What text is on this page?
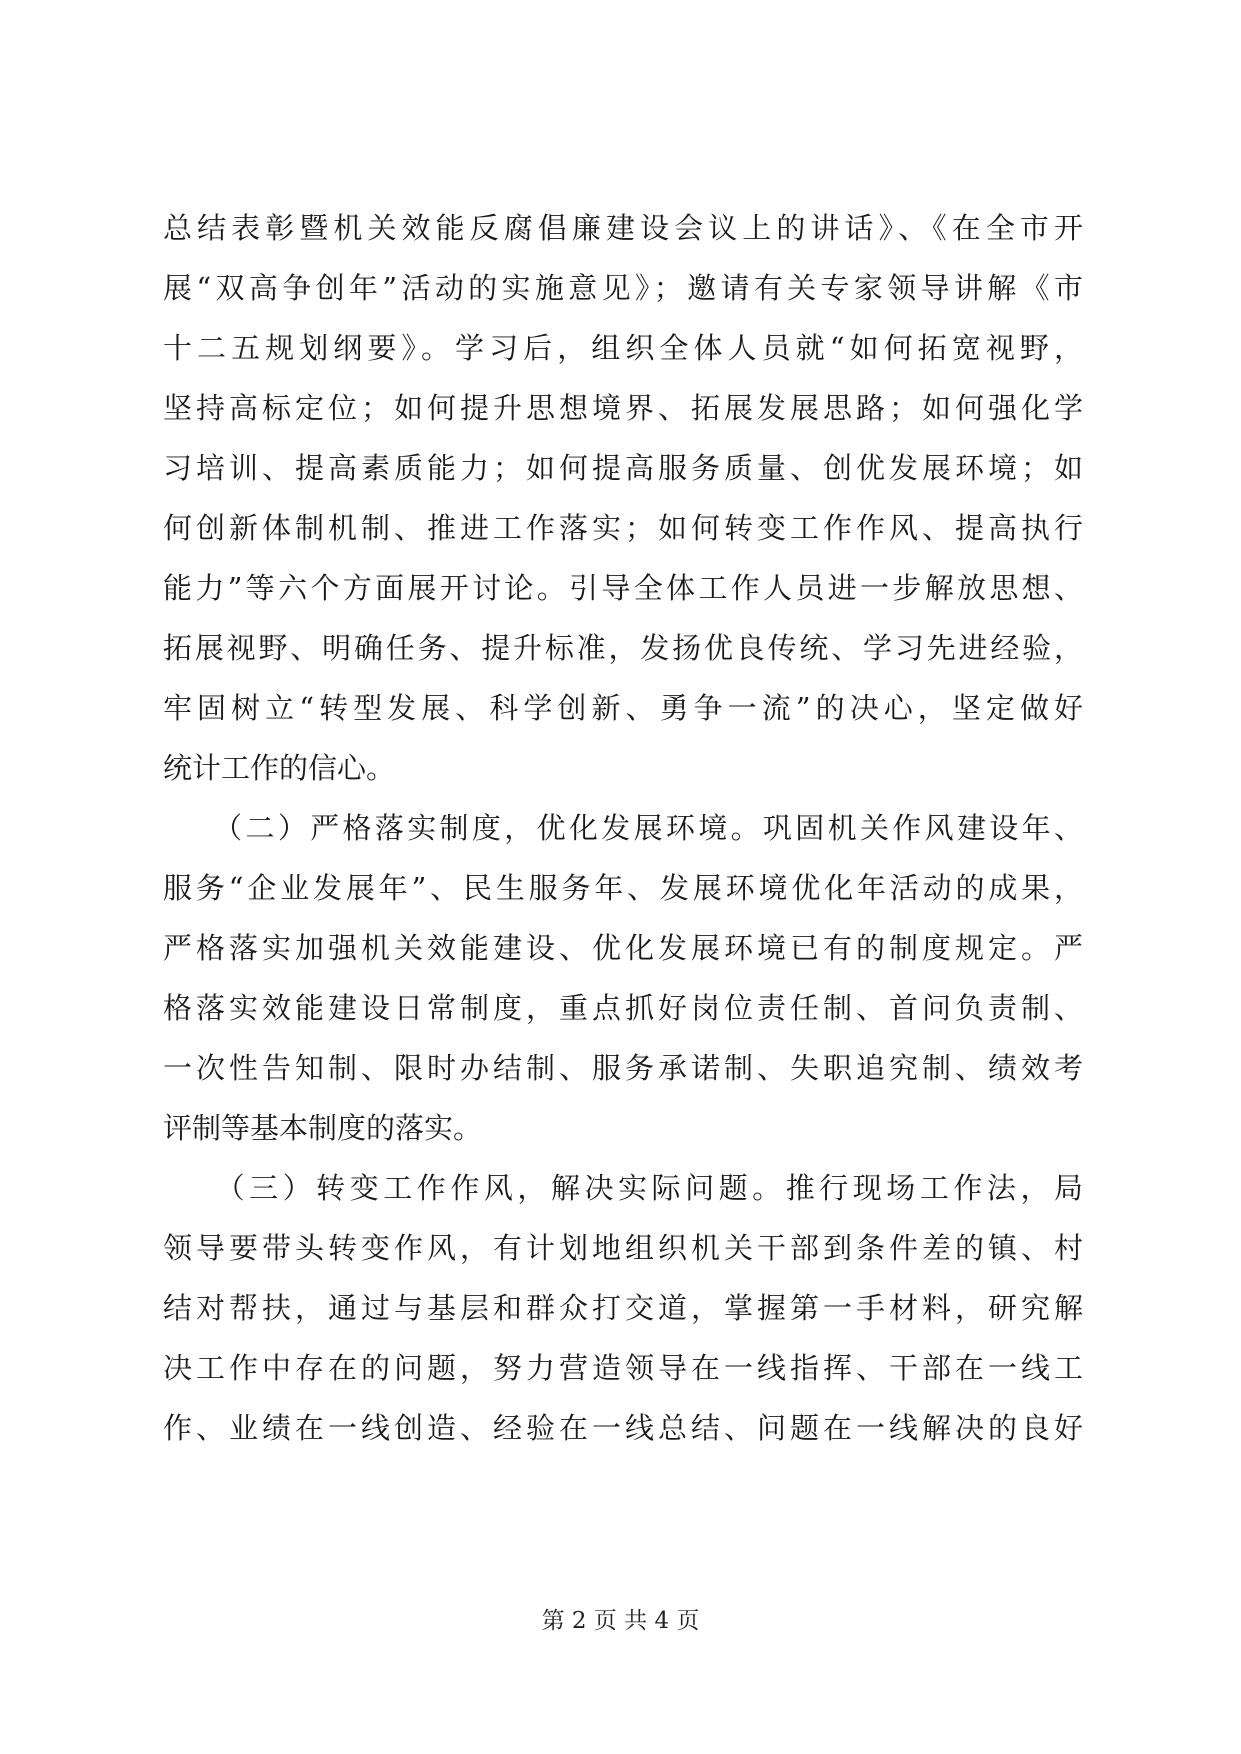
总结表彰暨机关效能反腐倡廉建设会议上的讲话》、《在全市开
展“双高争创年”活动的实施意见》；邀请有关专家领导讲解《市
十二五规划纲要》。学习后，组织全体人员就“如何拓宽视野，
坚持高标定位；如何提升思想境界、拓展发展思路；如何强化学
习培训、提高素质能力；如何提高服务质量、创优发展环境；如
何创新体制机制、推进工作落实；如何转变工作作风、提高执行
能力”等六个方面展开讨论。引导全体工作人员进一步解放思想、
拓展视野、明确任务、提升标准，发扬优良传统、学习先进经验，
牢固树立“转型发展、科学创新、勇争一流”的决心，坚定做好
统计工作的信心。
　　（二）严格落实制度，优化发展环境。巩固机关作风建设年、
服务“企业发展年”、民生服务年、发展环境优化年活动的成果，
严格落实加强机关效能建设、优化发展环境已有的制度规定。严
格落实效能建设日常制度，重点抓好岗位责任制、首问负责制、
一次性告知制、限时办结制、服务承诺制、失职追究制、绩效考
评制等基本制度的落实。
　　（三）转变工作作风，解决实际问题。推行现场工作法，局
领导要带头转变作风，有计划地组织机关干部到条件差的镇、村
结对帮扶，通过与基层和群众打交道，掌握第一手材料，研究解
决工作中存在的问题，努力营造领导在一线指挥、干部在一线工
作、业绩在一线创造、经验在一线总结、问题在一线解决的良好
第 2 页 共 4 页
